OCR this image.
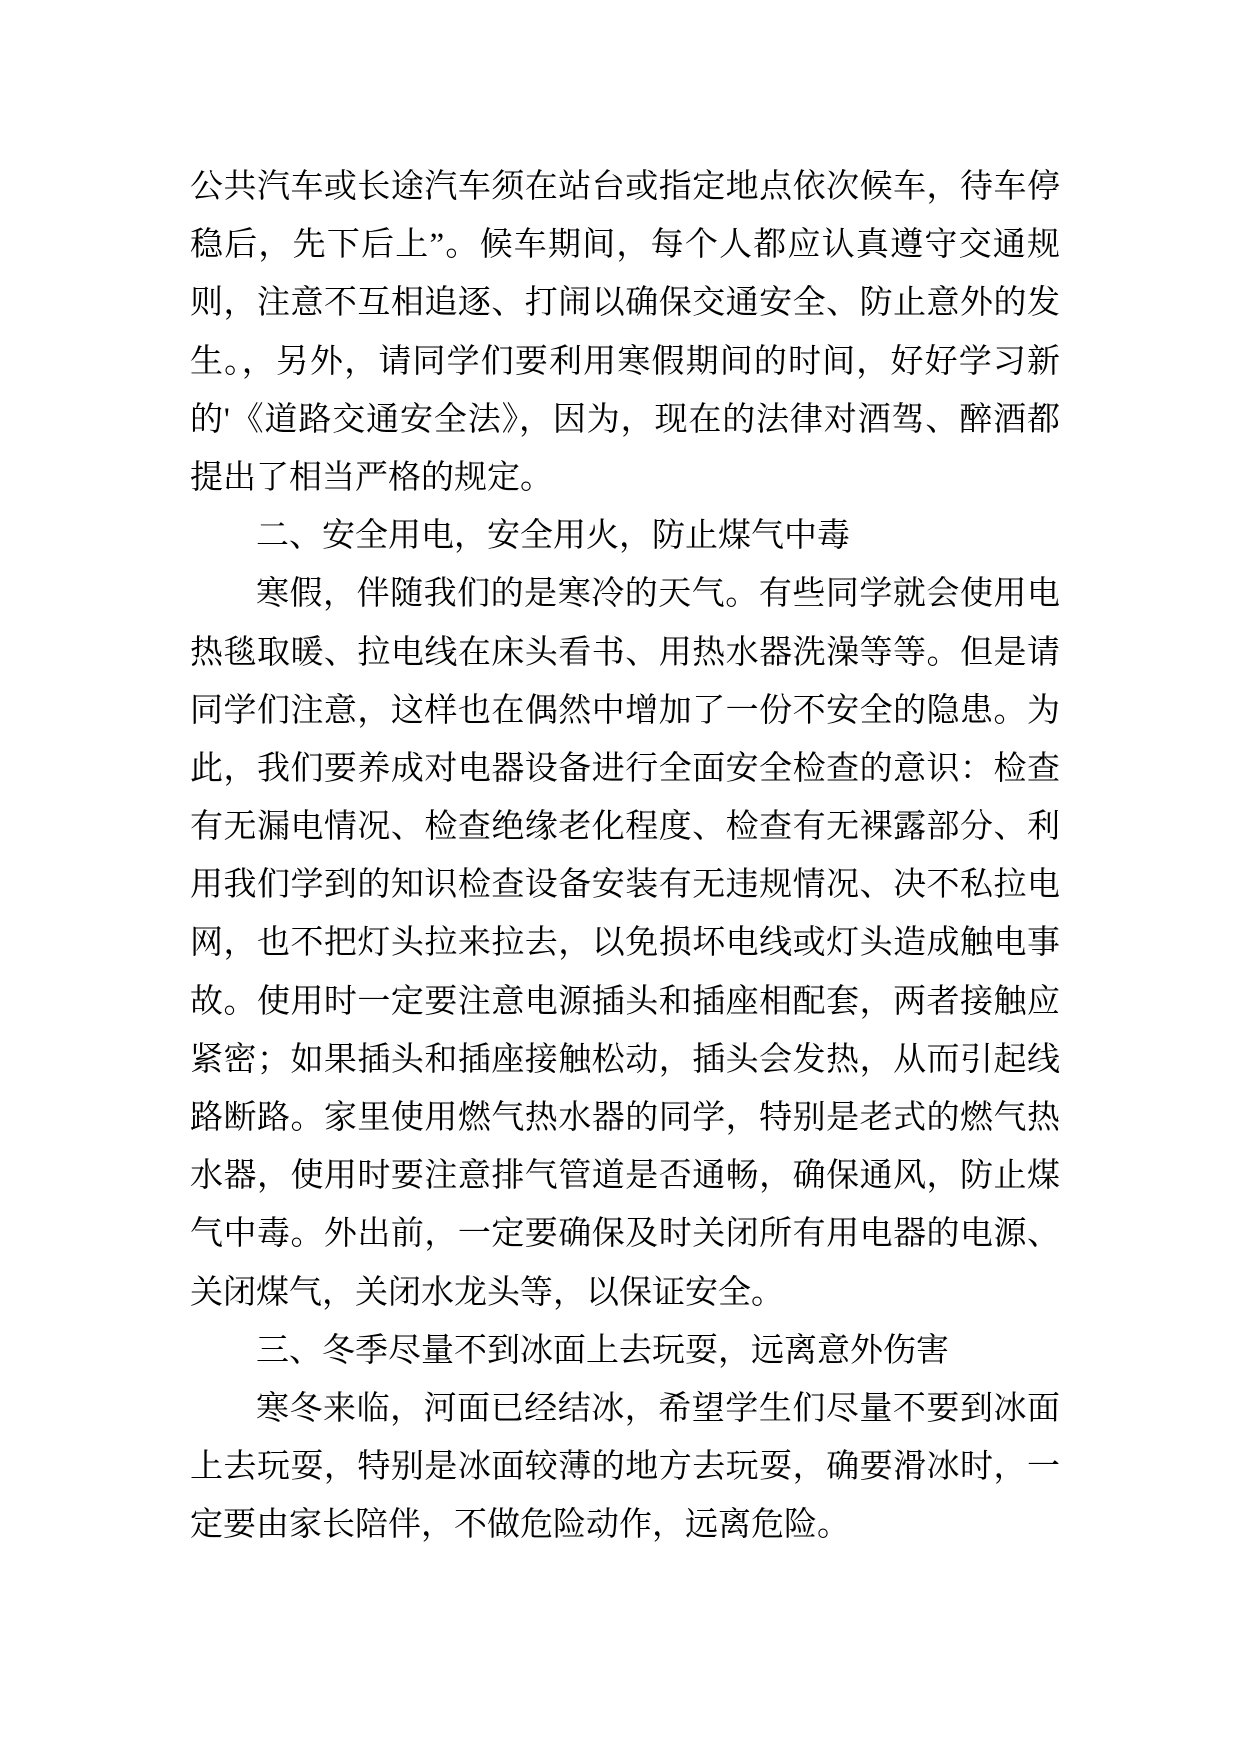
公共汽车或长途汽车须在站台或指定地点依次候车，待车停
稳后，先下后上”。候车期间，每个人都应认真遵守交通规
则，注意不互相追逐、打闹以确保交通安全、防止意外的发
生。，另外，请同学们要利用寒假期间的时间，好好学习新
的'《道路交通安全法》，因为，现在的法律对酒驾、醉酒都
提出了相当严格的规定。
二、安全用电，安全用火，防止煤气中毒
寒假，伴随我们的是寒冷的天气。有些同学就会使用电
热毯取暖、拉电线在床头看书、用热水器洗澡等等。但是请
同学们注意，这样也在偶然中增加了一份不安全的隐患。为
此，我们要养成对电器设备进行全面安全检查的意识：检查
有无漏电情况、检查绝缘老化程度、检查有无裸露部分、利
用我们学到的知识检查设备安装有无违规情况、决不私拉电
网，也不把灯头拉来拉去，以免损坏电线或灯头造成触电事
故。使用时一定要注意电源插头和插座相配套，两者接触应
紧密；如果插头和插座接触松动，插头会发热，从而引起线
路断路。家里使用燃气热水器的同学，特别是老式的燃气热
水器，使用时要注意排气管道是否通畅，确保通风，防止煤
气中毒。外出前，一定要确保及时关闭所有用电器的电源、
关闭煤气，关闭水龙头等，以保证安全。
三、冬季尽量不到冰面上去玩耍，远离意外伤害
寒冬来临，河面已经结冰，希望学生们尽量不要到冰面
上去玩耍，特别是冰面较薄的地方去玩耍，确要滑冰时，一
定要由家长陪伴，不做危险动作，远离危险。
